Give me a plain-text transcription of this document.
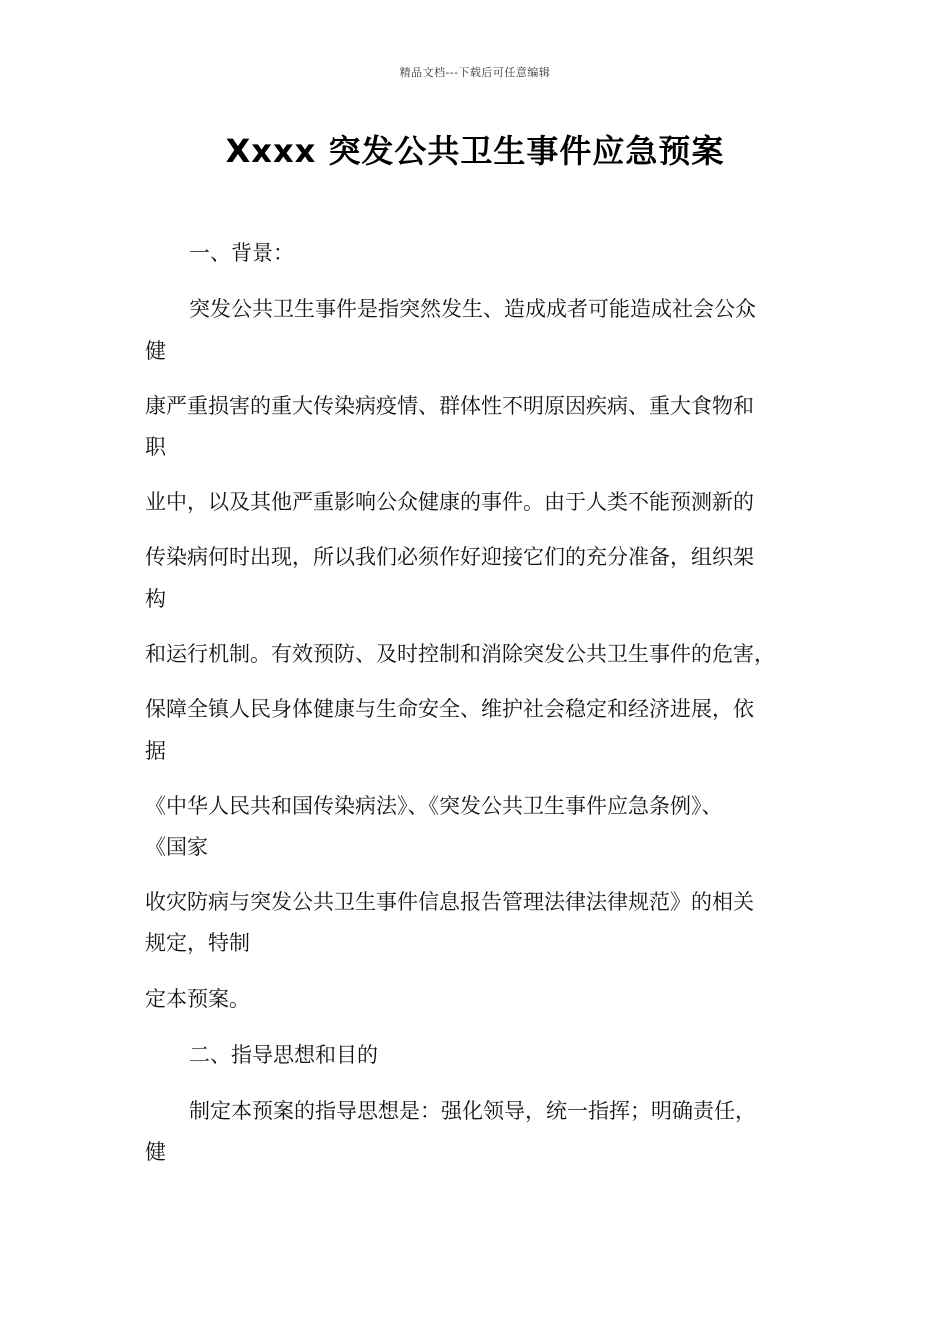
精品文档---下载后可任意编辑
Xxxx 突发公共卫生事件应急预案
一、背景：
突发公共卫生事件是指突然发生、造成成者可能造成社会公众
健
康严重损害的重大传染病疫情、群体性不明原因疾病、重大食物和
职
业中，以及其他严重影响公众健康的事件。由于人类不能预测新的
传染病何时出现，所以我们必须作好迎接它们的充分准备，组织架
构
和运行机制。有效预防、及时控制和消除突发公共卫生事件的危害，
保障全镇人民身体健康与生命安全、维护社会稳定和经济进展，依
据
《中华人民共和国传染病法》、《突发公共卫生事件应急条例》、
《国家
收灾防病与突发公共卫生事件信息报告管理法律法律规范》的相关
规定，特制
定本预案。
二、指导思想和目的
制定本预案的指导思想是：强化领导，统一指挥；明确责任，
健
